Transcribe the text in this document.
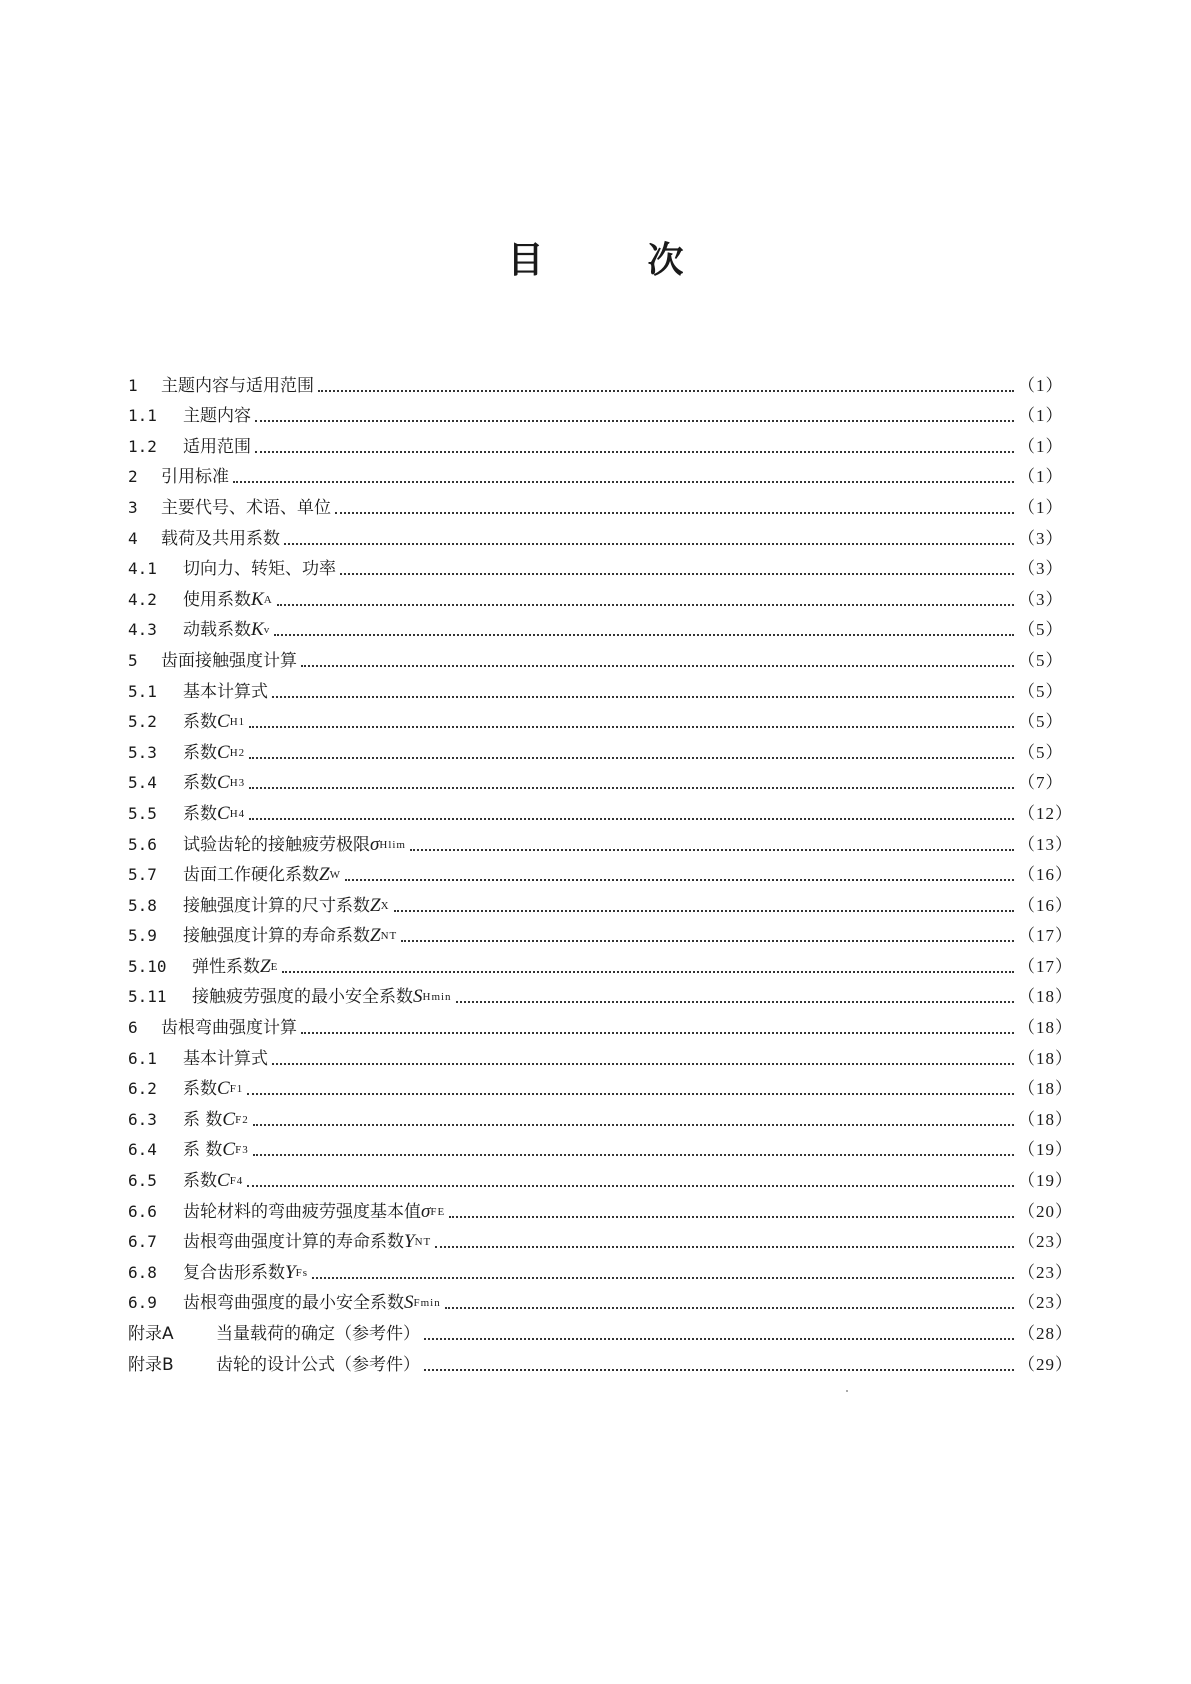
目	次
1	主题内容与适用范围	（1）
1.1	主题内容	（1）
1.2	适用范围	（1）
2	引用标准	（1）
3	主要代号、术语、单位	（1）
4	载荷及共用系数	（3）
4.1	切向力、转矩、功率	（3）
4.2	使用系数 K A	（3）
4.3	动载系数 K v	（5）
5	齿面接触强度计算	（5）
5.1	基本计算式	（5）
5.2	系数 C H1	（5）
5.3	系数 C H2	（5）
5.4	系数 C H3	（7）
5.5	系数 C H4	（12）
5.6	试验齿轮的接触疲劳极限 σ Hlim	（13）
5.7	齿面工作硬化系数 Z W	（16）
5.8	接触强度计算的尺寸系数 Z X	（16）
5.9	接触强度计算的寿命系数 Z NT	（17）
5.10	弹性系数 Z E	（17）
5.11	接触疲劳强度的最小安全系数 S Hmin	（18）
6	齿根弯曲强度计算	（18）
6.1	基本计算式	（18）
6.2	系数 C F1	（18）
6.3	系 数 C F2	（18）
6.4	系 数 C F3	（19）
6.5	系数 C F4	（19）
6.6	齿轮材料的弯曲疲劳强度基本值 σ FE	（20）
6.7	齿根弯曲强度计算的寿命系数 Y NT	（23）
6.8	复合齿形系数 Y Fs	（23）
6.9	齿根弯曲强度的最小安全系数 S Fmin	（23）
附录A	当量载荷的确定（参考件）	（28）
附录B	齿轮的设计公式（参考件）	（29）
